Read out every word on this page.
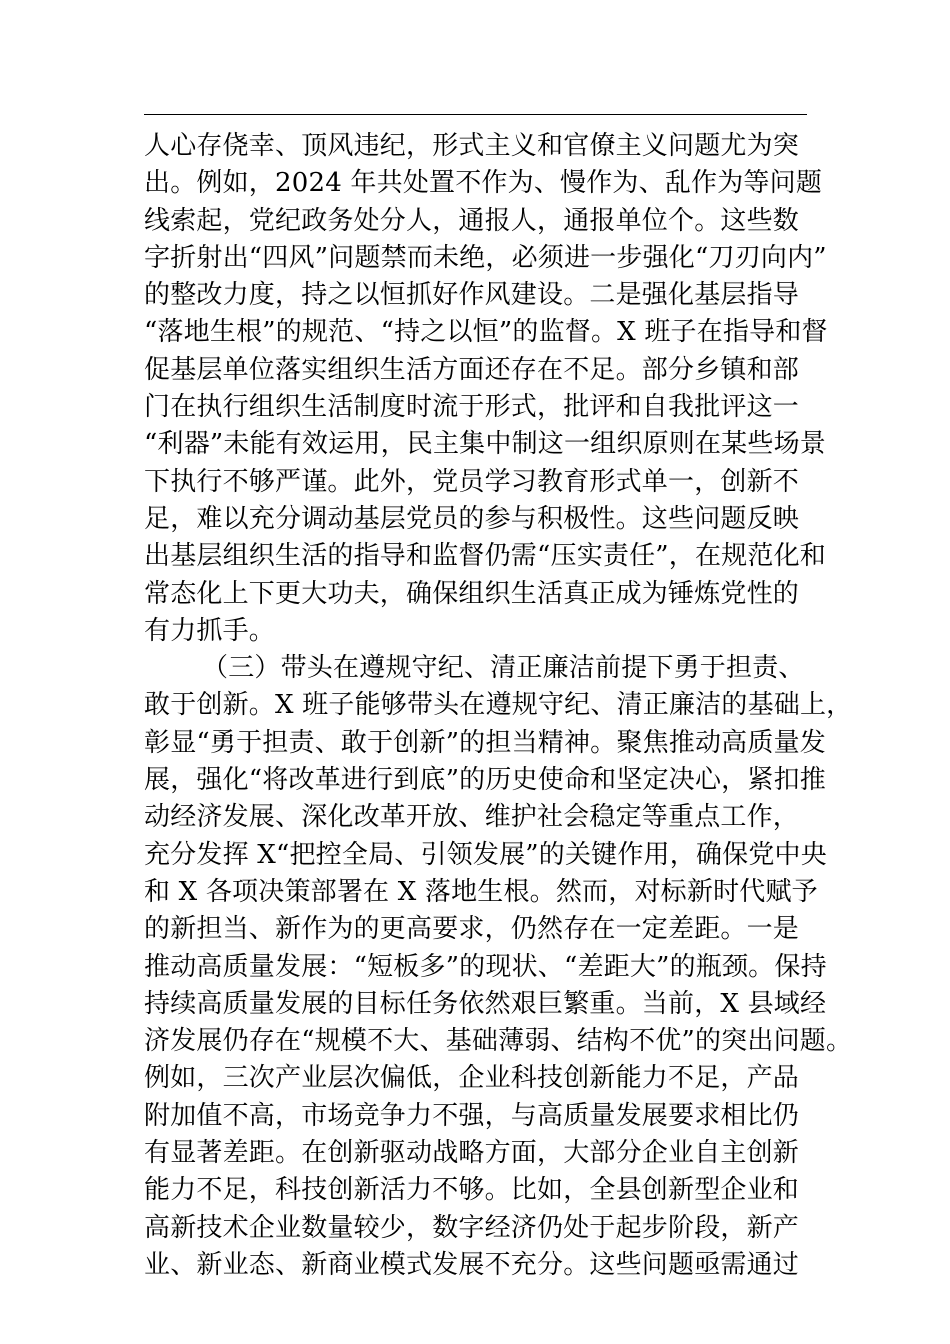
人心存侥幸、顶风违纪，形式主义和官僚主义问题尤为突
出。例如，2024 年共处置不作为、慢作为、乱作为等问题
线索起，党纪政务处分人，通报人，通报单位个。这些数
字折射出“四风”问题禁而未绝，必须进一步强化“刀刃向内”
的整改力度，持之以恒抓好作风建设。二是强化基层指导
“落地生根”的规范、“持之以恒”的监督。X 班子在指导和督
促基层单位落实组织生活方面还存在不足。部分乡镇和部
门在执行组织生活制度时流于形式，批评和自我批评这一
“利器”未能有效运用，民主集中制这一组织原则在某些场景
下执行不够严谨。此外，党员学习教育形式单一，创新不
足，难以充分调动基层党员的参与积极性。这些问题反映
出基层组织生活的指导和监督仍需“压实责任”，在规范化和
常态化上下更大功夫，确保组织生活真正成为锤炼党性的
有力抓手。
（三）带头在遵规守纪、清正廉洁前提下勇于担责、
敢于创新。X 班子能够带头在遵规守纪、清正廉洁的基础上，
彰显“勇于担责、敢于创新”的担当精神。聚焦推动高质量发
展，强化“将改革进行到底”的历史使命和坚定决心，紧扣推
动经济发展、深化改革开放、维护社会稳定等重点工作，
充分发挥 X“把控全局、引领发展”的关键作用，确保党中央
和 X 各项决策部署在 X 落地生根。然而，对标新时代赋予
的新担当、新作为的更高要求，仍然存在一定差距。一是
推动高质量发展：“短板多”的现状、“差距大”的瓶颈。保持
持续高质量发展的目标任务依然艰巨繁重。当前，X 县域经
济发展仍存在“规模不大、基础薄弱、结构不优”的突出问题。
例如，三次产业层次偏低，企业科技创新能力不足，产品
附加值不高，市场竞争力不强，与高质量发展要求相比仍
有显著差距。在创新驱动战略方面，大部分企业自主创新
能力不足，科技创新活力不够。比如，全县创新型企业和
高新技术企业数量较少，数字经济仍处于起步阶段，新产
业、新业态、新商业模式发展不充分。这些问题亟需通过
